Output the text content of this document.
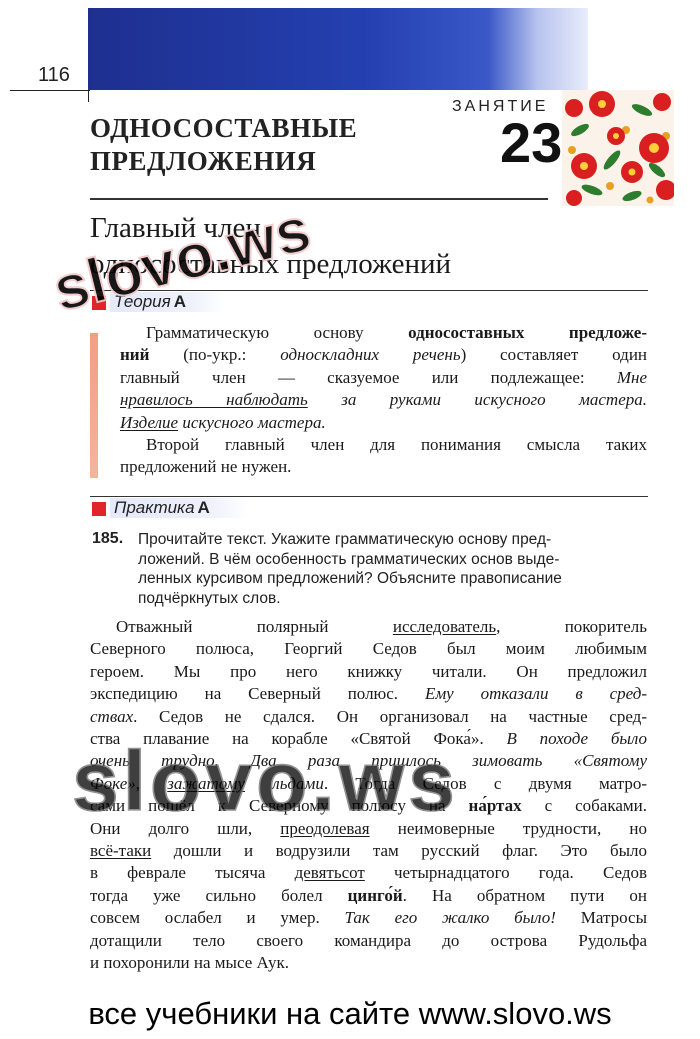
116
ЗАНЯТИЕ
23
ОДНОСОСТАВНЫЕ
ПРЕДЛОЖЕНИЯ
Главный член
односоставных предложений
Теория А
Грамматическую основу	односоставных предложе-
ний (по-укр.: односкладних речень) составляет один
главный член — сказуемое или подлежащее: Мне
нравилось наблюдать за руками искусного мастера.
Изделие искусного мастера.
Второй главный член для понимания смысла таких
предложений не нужен.
Практика А
185. Прочитайте текст. Укажите грамматическую основу пред-
ложений. В чём особенность грамматических основ выде-
ленных курсивом предложений? Объясните правописание
подчёркнутых слов.
Отважный полярный исследователь, покоритель
Северного полюса, Георгий Седов был моим любимым
героем. Мы про него книжку читали. Он предложил
экспедицию на Северный полюс. Ему отказали в сред-
ствах. Седов не сдался. Он организовал на частные сред-
ства плавание на корабле «Святой Фока́». В походе было
очень трудно. Два раза пришлось зимовать «Святому
Фоке», зажатому льдами. Тогда Седов с двумя матро-
сами пошёл к Северному полюсу на на́ртах с собаками.
Они долго шли, преодолевая неимоверные трудности, но
всё-таки дошли и водрузили там русский флаг. Это было
в феврале тысяча девятьсот четырнадцатого года. Седов
тогда уже сильно болел цинго́й. На обратном пути он
совсем ослабел и умер. Так его жалко было! Матросы
дотащили тело своего командира до острова Рудольфа
и похоронили на мысе Аук.
все учебники на сайте www.slovo.ws
